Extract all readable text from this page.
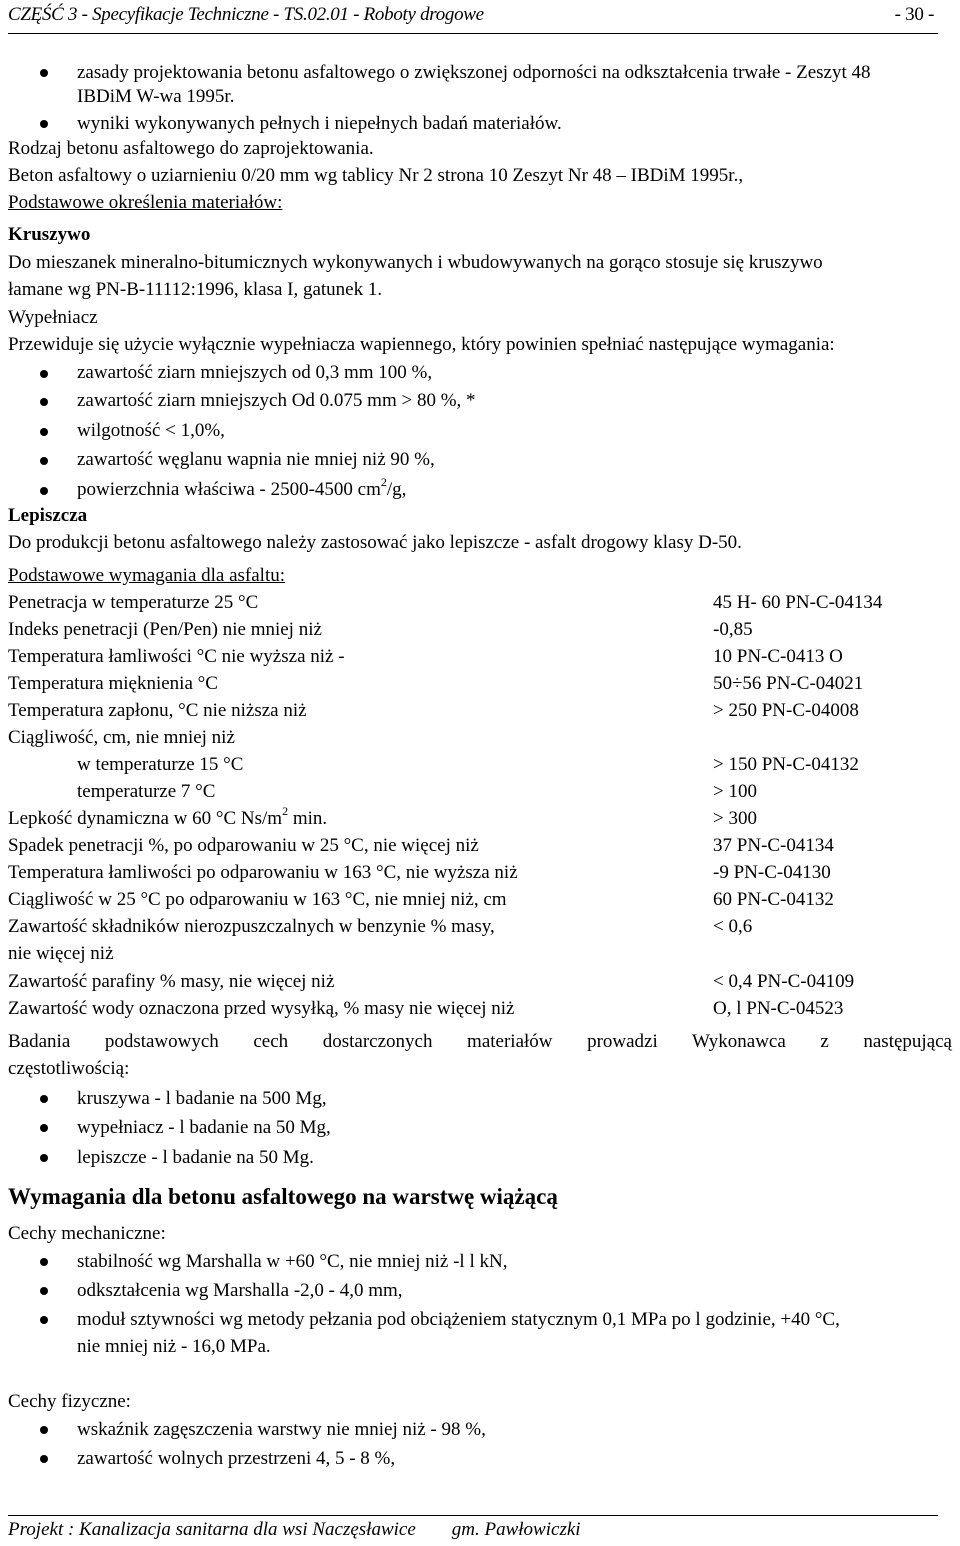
CZĘŚĆ 3 - Specyfikacje Techniczne - TS.02.01 - Roboty drogowe	- 30 -
zasady projektowania betonu asfaltowego o zwiększonej odporności na odkształcenia trwałe - Zeszyt 48
IBDiM W-wa 1995r.
wyniki wykonywanych pełnych i niepełnych badań materiałów.
Rodzaj betonu asfaltowego do zaprojektowania.
Beton asfaltowy o uziarnieniu 0/20 mm wg tablicy Nr 2 strona 10 Zeszyt Nr 48 – IBDiM 1995r.,
Podstawowe określenia materiałów:
Kruszywo
Do mieszanek mineralno-bitumicznych wykonywanych i wbudowywanych na gorąco stosuje się kruszywo
łamane wg PN-B-11112:1996, klasa I, gatunek 1.
Wypełniacz
Przewiduje się użycie wyłącznie wypełniacza wapiennego, który powinien spełniać następujące wymagania:
zawartość ziarn mniejszych od 0,3 mm 100 %,
zawartość ziarn mniejszych Od 0.075 mm > 80 %, *
wilgotność < 1,0%,
zawartość węglanu wapnia nie mniej niż 90 %,
powierzchnia właściwa - 2500-4500 $cm^2/g$,
Lepiszcza
Do produkcji betonu asfaltowego należy zastosować jako lepiszcze - asfalt drogowy klasy D-50.
Podstawowe wymagania dla asfaltu:
Penetracja w temperaturze 25 °C	45 H- 60 PN-C-04134
Indeks penetracji (Pen/Pen) nie mniej niż	-0,85
Temperatura łamliwości °C nie wyższa niż -	10 PN-C-0413 O
Temperatura mięknienia °C	50÷56 PN-C-04021
Temperatura zapłonu, °C nie niższa niż	> 250 PN-C-04008
Ciągliwość, cm, nie mniej niż
w temperaturze 15 °C	> 150 PN-C-04132
temperaturze 7 °C	> 100
Lepkość dynamiczna w 60 °C $Ns/m^2$ min.	> 300
Spadek penetracji %, po odparowaniu w 25 °C, nie więcej niż	37 PN-C-04134
Temperatura łamliwości po odparowaniu w 163 °C, nie wyższa niż	-9 PN-C-04130
Ciągliwość w 25 °C po odparowaniu w 163 °C, nie mniej niż, cm	60 PN-C-04132
Zawartość składników nierozpuszczalnych w benzynie % masy,	< 0,6
nie więcej niż
Zawartość parafiny % masy, nie więcej niż	< 0,4 PN-C-04109
Zawartość wody oznaczona przed wysyłką, % masy nie więcej niż	O, l PN-C-04523
Badania podstawowych cech dostarczonych materiałów prowadzi Wykonawca z następującą
częstotliwością:
kruszywa - l badanie na 500 Mg,
wypełniacz - l badanie na 50 Mg,
lepiszcze - l badanie na 50 Mg.
Wymagania dla betonu asfaltowego na warstwę wiążącą
Cechy mechaniczne:
stabilność wg Marshalla w +60 °C, nie mniej niż -l l kN,
odkształcenia wg Marshalla -2,0 - 4,0 mm,
moduł sztywności wg metody pełzania pod obciążeniem statycznym 0,1 MPa po l godzinie, +40 °C,
nie mniej niż - 16,0 MPa.
Cechy fizyczne:
wskaźnik zagęszczenia warstwy nie mniej niż - 98 %,
zawartość wolnych przestrzeni 4, 5 - 8 %,
Projekt : Kanalizacja sanitarna dla wsi Naczęsławice gm. Pawłowiczki
